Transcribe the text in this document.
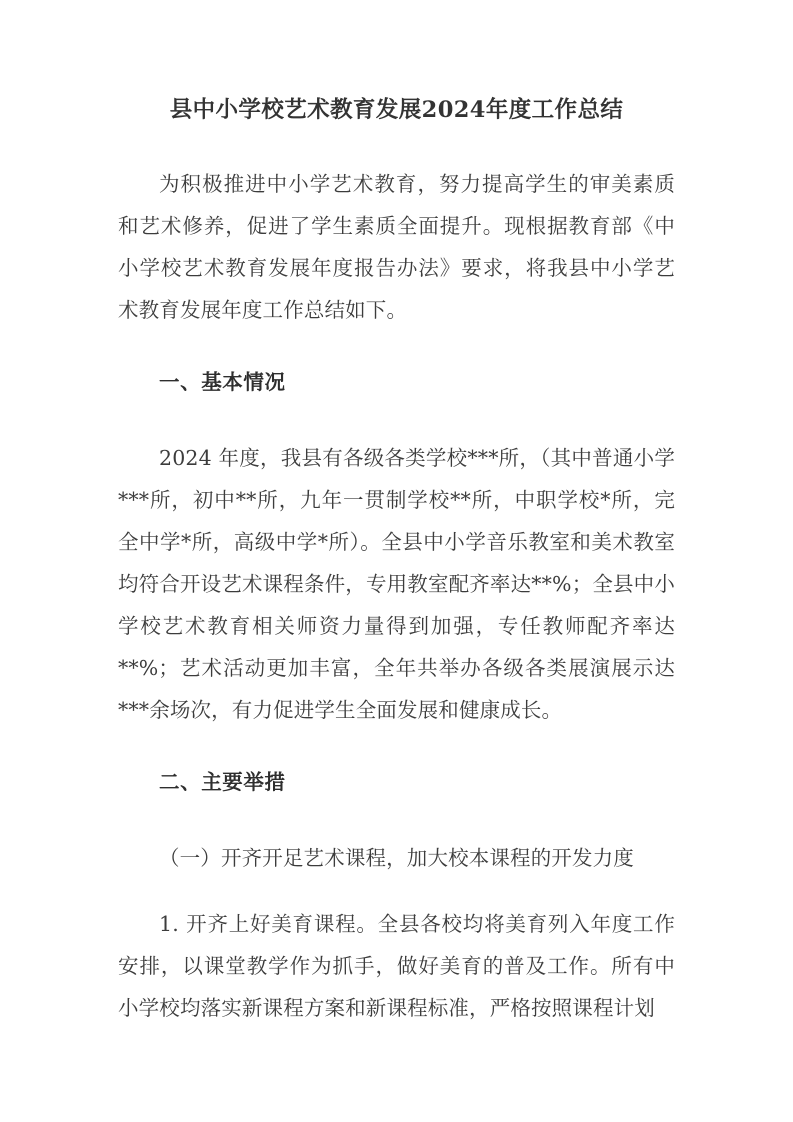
县中小学校艺术教育发展2024年度工作总结

为积极推进中小学艺术教育，努力提高学生的审美素质和艺术修养，促进了学生素质全面提升。现根据教育部《中小学校艺术教育发展年度报告办法》要求，将我县中小学艺术教育发展年度工作总结如下。

一、基本情况

2024 年度，我县有各级各类学校***所，（其中普通小学***所，初中**所，九年一贯制学校**所，中职学校*所，完全中学*所，高级中学*所）。全县中小学音乐教室和美术教室均符合开设艺术课程条件，专用教室配齐率达**%；全县中小学校艺术教育相关师资力量得到加强，专任教师配齐率达**%；艺术活动更加丰富，全年共举办各级各类展演展示达***余场次，有力促进学生全面发展和健康成长。

二、主要举措

（一）开齐开足艺术课程，加大校本课程的开发力度

1. 开齐上好美育课程。全县各校均将美育列入年度工作安排，以课堂教学作为抓手，做好美育的普及工作。所有中小学校均落实新课程方案和新课程标准，严格按照课程计划
